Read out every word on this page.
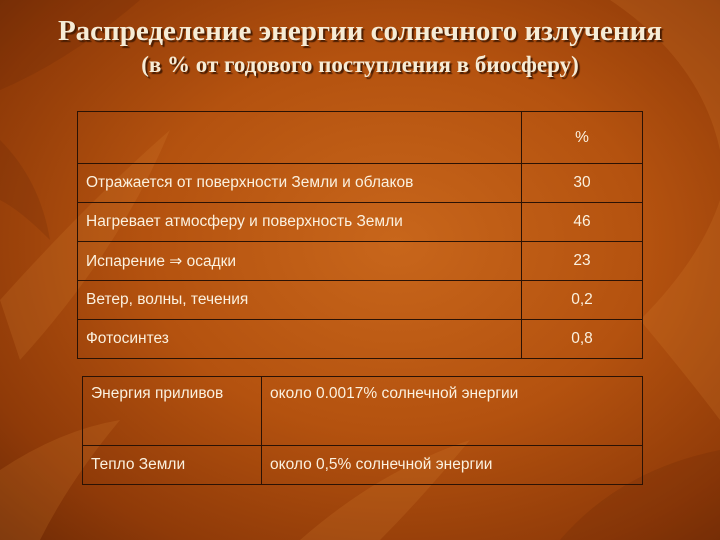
Распределение энергии солнечного излучения
(в % от годового поступления в биосферу)
	%
Отражается от поверхности Земли и облаков	30
Нагревает атмосферу и поверхность Земли	46
Испарение ⇒ осадки	23
Ветер, волны, течения	0,2
Фотосинтез	0,8
Энергия приливов	около 0.0017% солнечной энергии
Тепло Земли	около 0,5% солнечной энергии
